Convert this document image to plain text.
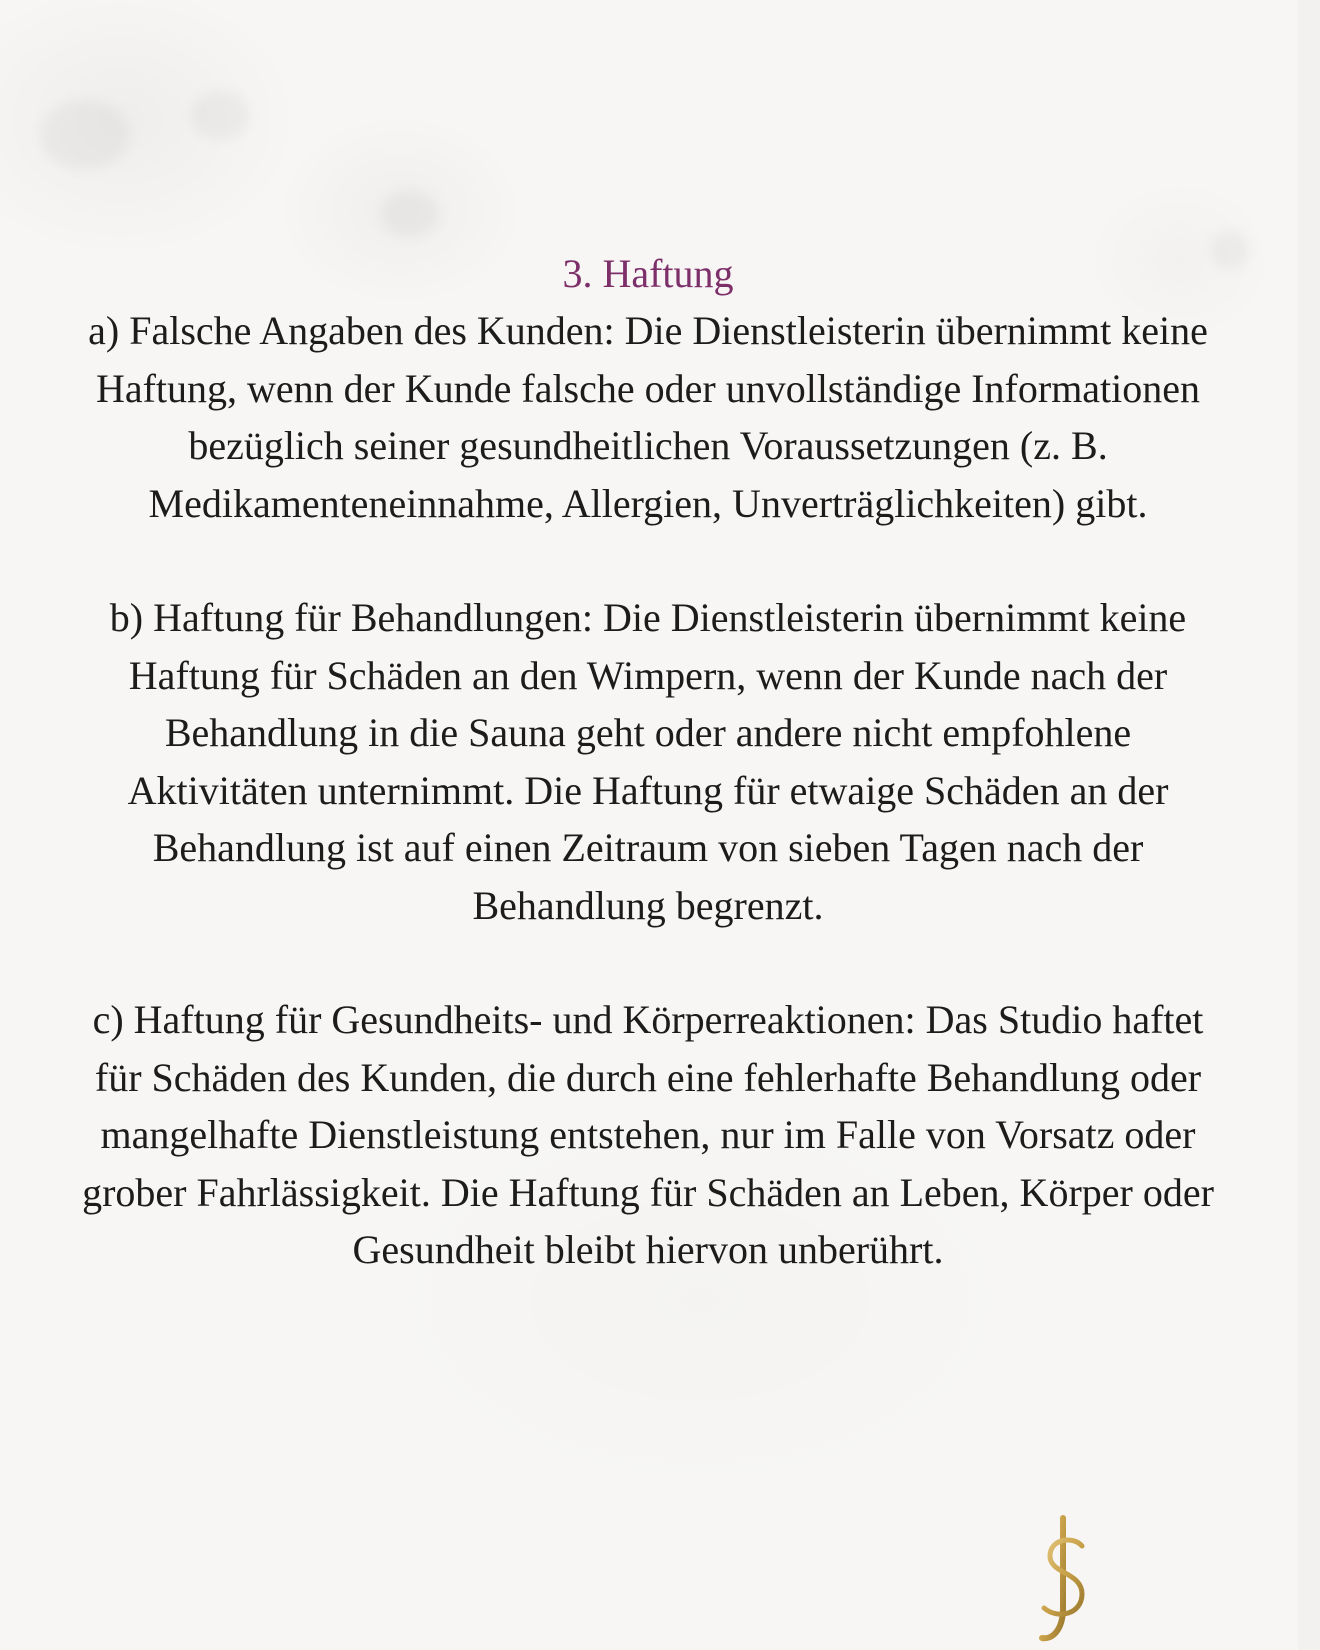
3. Haftung

a) Falsche Angaben des Kunden: Die Dienstleisterin übernimmt keine
Haftung, wenn der Kunde falsche oder unvollständige Informationen
bezüglich seiner gesundheitlichen Voraussetzungen (z. B.
Medikamenteneinnahme, Allergien, Unverträglichkeiten) gibt.

b) Haftung für Behandlungen: Die Dienstleisterin übernimmt keine
Haftung für Schäden an den Wimpern, wenn der Kunde nach der
Behandlung in die Sauna geht oder andere nicht empfohlene
Aktivitäten unternimmt. Die Haftung für etwaige Schäden an der
Behandlung ist auf einen Zeitraum von sieben Tagen nach der
Behandlung begrenzt.

c) Haftung für Gesundheits- und Körperreaktionen: Das Studio haftet
für Schäden des Kunden, die durch eine fehlerhafte Behandlung oder
mangelhafte Dienstleistung entstehen, nur im Falle von Vorsatz oder
grober Fahrlässigkeit. Die Haftung für Schäden an Leben, Körper oder
Gesundheit bleibt hiervon unberührt.
